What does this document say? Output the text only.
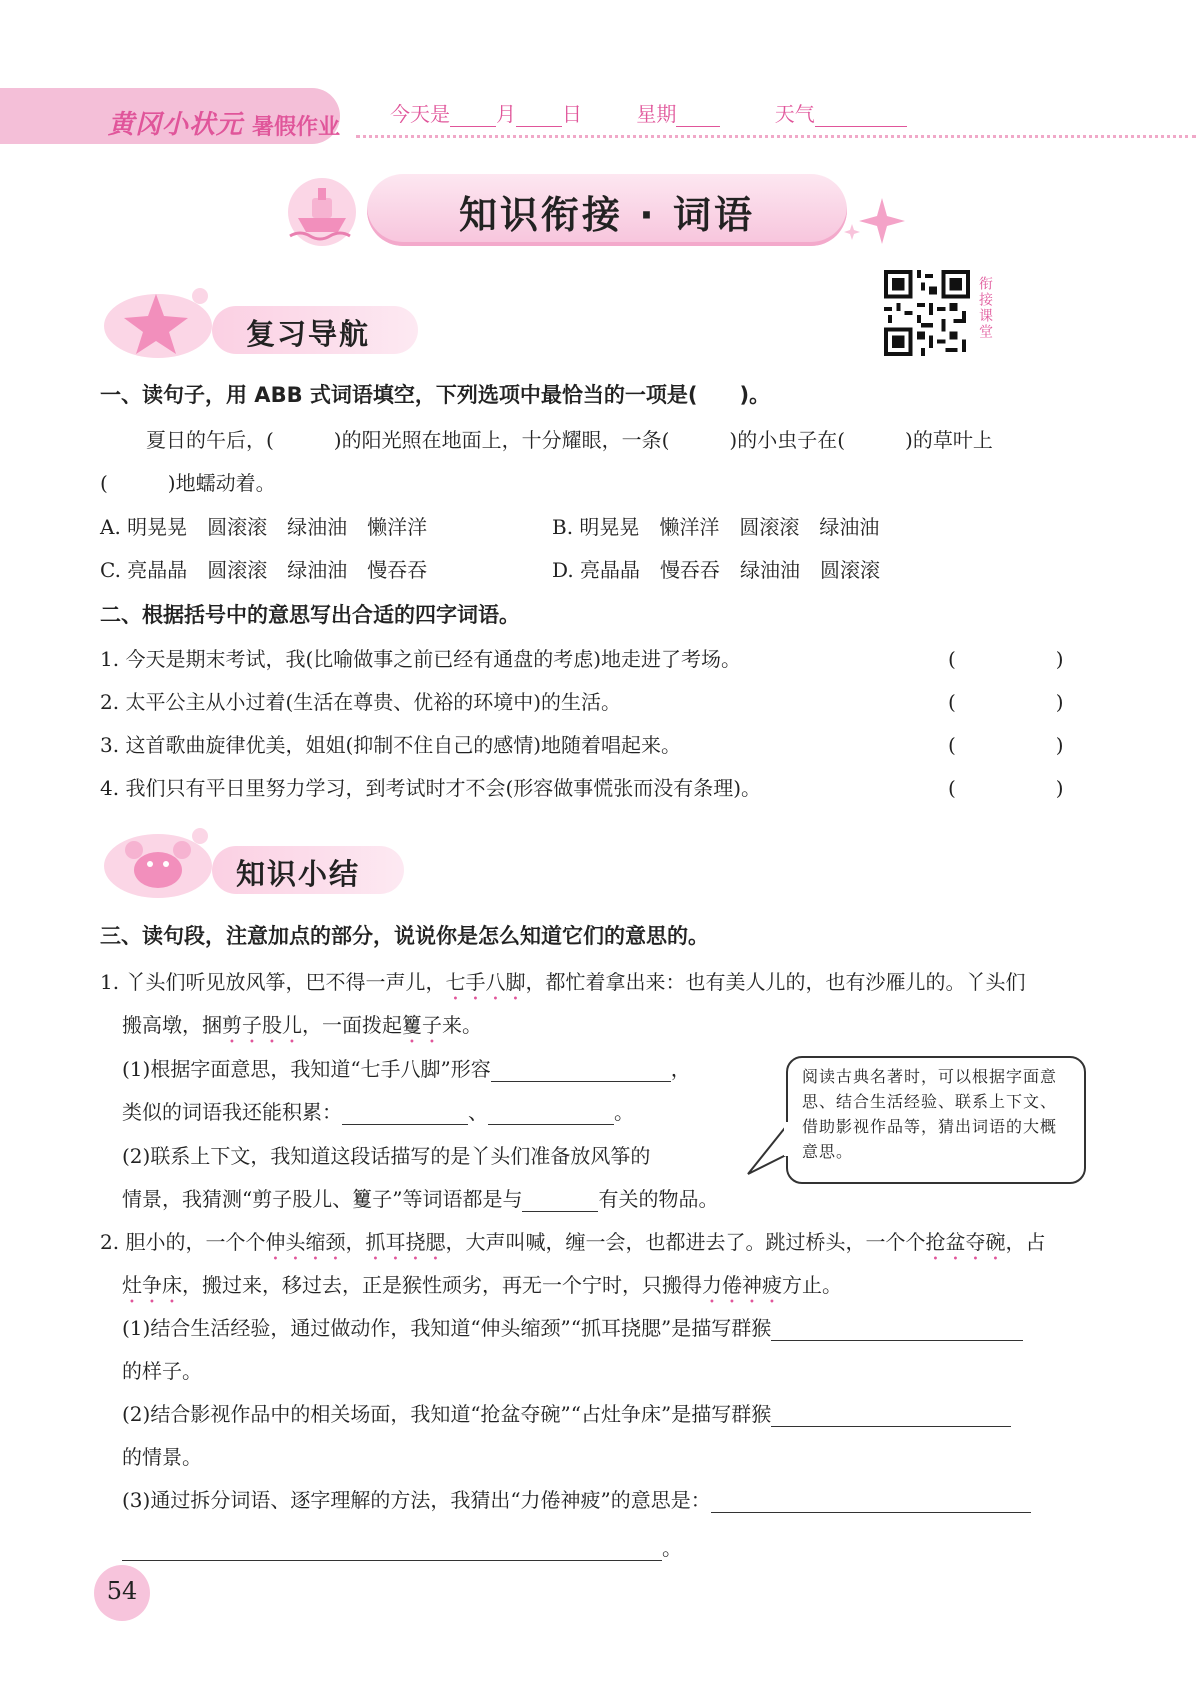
黄冈小状元 暑假作业
今天是 月 日	星期	天气
知识衔接 · 词语
衔接课堂
复习导航
一、读句子，用 ABB 式词语填空，下列选项中最恰当的一项是(　　)。
夏日的午后，(　　　)的阳光照在地面上，十分耀眼，一条(　　　)的小虫子在(　　　)的草叶上
(　　　)地蠕动着。
A. 明晃晃　圆滚滚　绿油油　懒洋洋	B. 明晃晃　懒洋洋　圆滚滚　绿油油
C. 亮晶晶　圆滚滚　绿油油　慢吞吞	D. 亮晶晶　慢吞吞　绿油油　圆滚滚
二、根据括号中的意思写出合适的四字词语。
1. 今天是期末考试，我(比喻做事之前已经有通盘的考虑)地走进了考场。	(　　　　　)
2. 太平公主从小过着(生活在尊贵、优裕的环境中)的生活。	(　　　　　)
3. 这首歌曲旋律优美，姐姐(抑制不住自己的感情)地随着唱起来。	(　　　　　)
4. 我们只有平日里努力学习，到考试时才不会(形容做事慌张而没有条理)。	(　　　　　)
知识小结
三、读句段，注意加点的部分，说说你是怎么知道它们的意思的。
1. 丫头们听见放风筝，巴不得一声儿，七手八脚，都忙着拿出来：也有美人儿的，也有沙雁儿的。丫头们
搬高墩，捆剪子股儿，一面拨起籰子来。
(1)根据字面意思，我知道“七手八脚”形容	，
类似的词语我还能积累：	、	。
(2)联系上下文，我知道这段话描写的是丫头们准备放风筝的
情景，我猜测“剪子股儿、籰子”等词语都是与	有关的物品。
阅读古典名著时，可以根据字面意思、结合生活经验、联系上下文、借助影视作品等，猜出词语的大概意思。
2. 胆小的，一个个伸头缩颈，抓耳挠腮，大声叫喊，缠一会，也都进去了。跳过桥头，一个个抢盆夺碗，占
灶争床，搬过来，移过去，正是猴性顽劣，再无一个宁时，只搬得力倦神疲方止。
(1)结合生活经验，通过做动作，我知道“伸头缩颈”“抓耳挠腮”是描写群猴
的样子。
(2)结合影视作品中的相关场面，我知道“抢盆夺碗”“占灶争床”是描写群猴
的情景。
(3)通过拆分词语、逐字理解的方法，我猜出“力倦神疲”的意思是：
。
54
